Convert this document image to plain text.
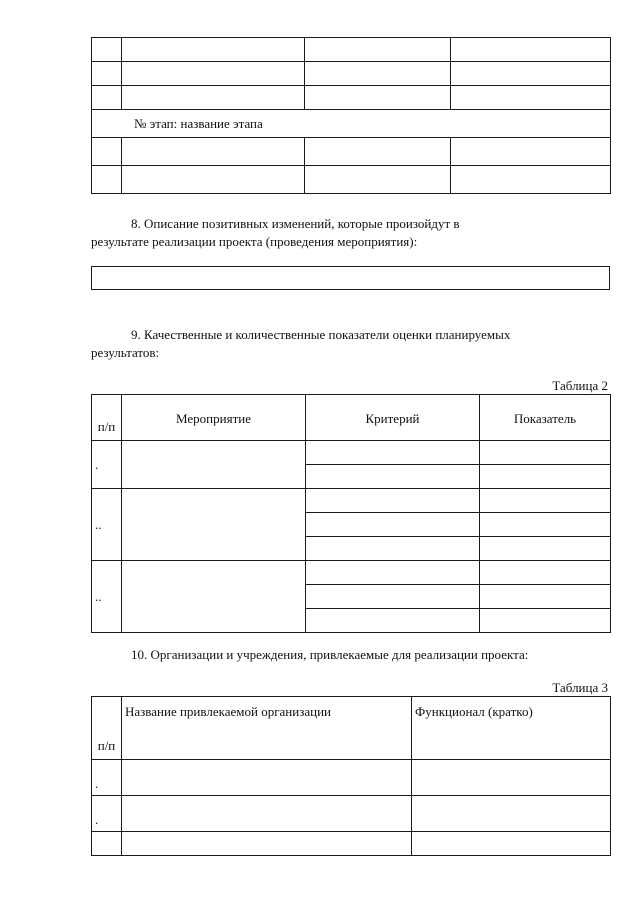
№ этап: название этапа			

8. Описание позитивных изменений, которые произойдут в
результате реализации проекта (проведения мероприятия):

9. Качественные и количественные показатели оценки планируемых
результатов:

Таблица 2
п/п	Мероприятие	Критерий	Показатель
.			

..			

..			

10. Организации и учреждения, привлекаемые для реализации проекта:

Таблица 3
п/п	Название привлекаемой организации	Функционал (кратко)
.		
.		
